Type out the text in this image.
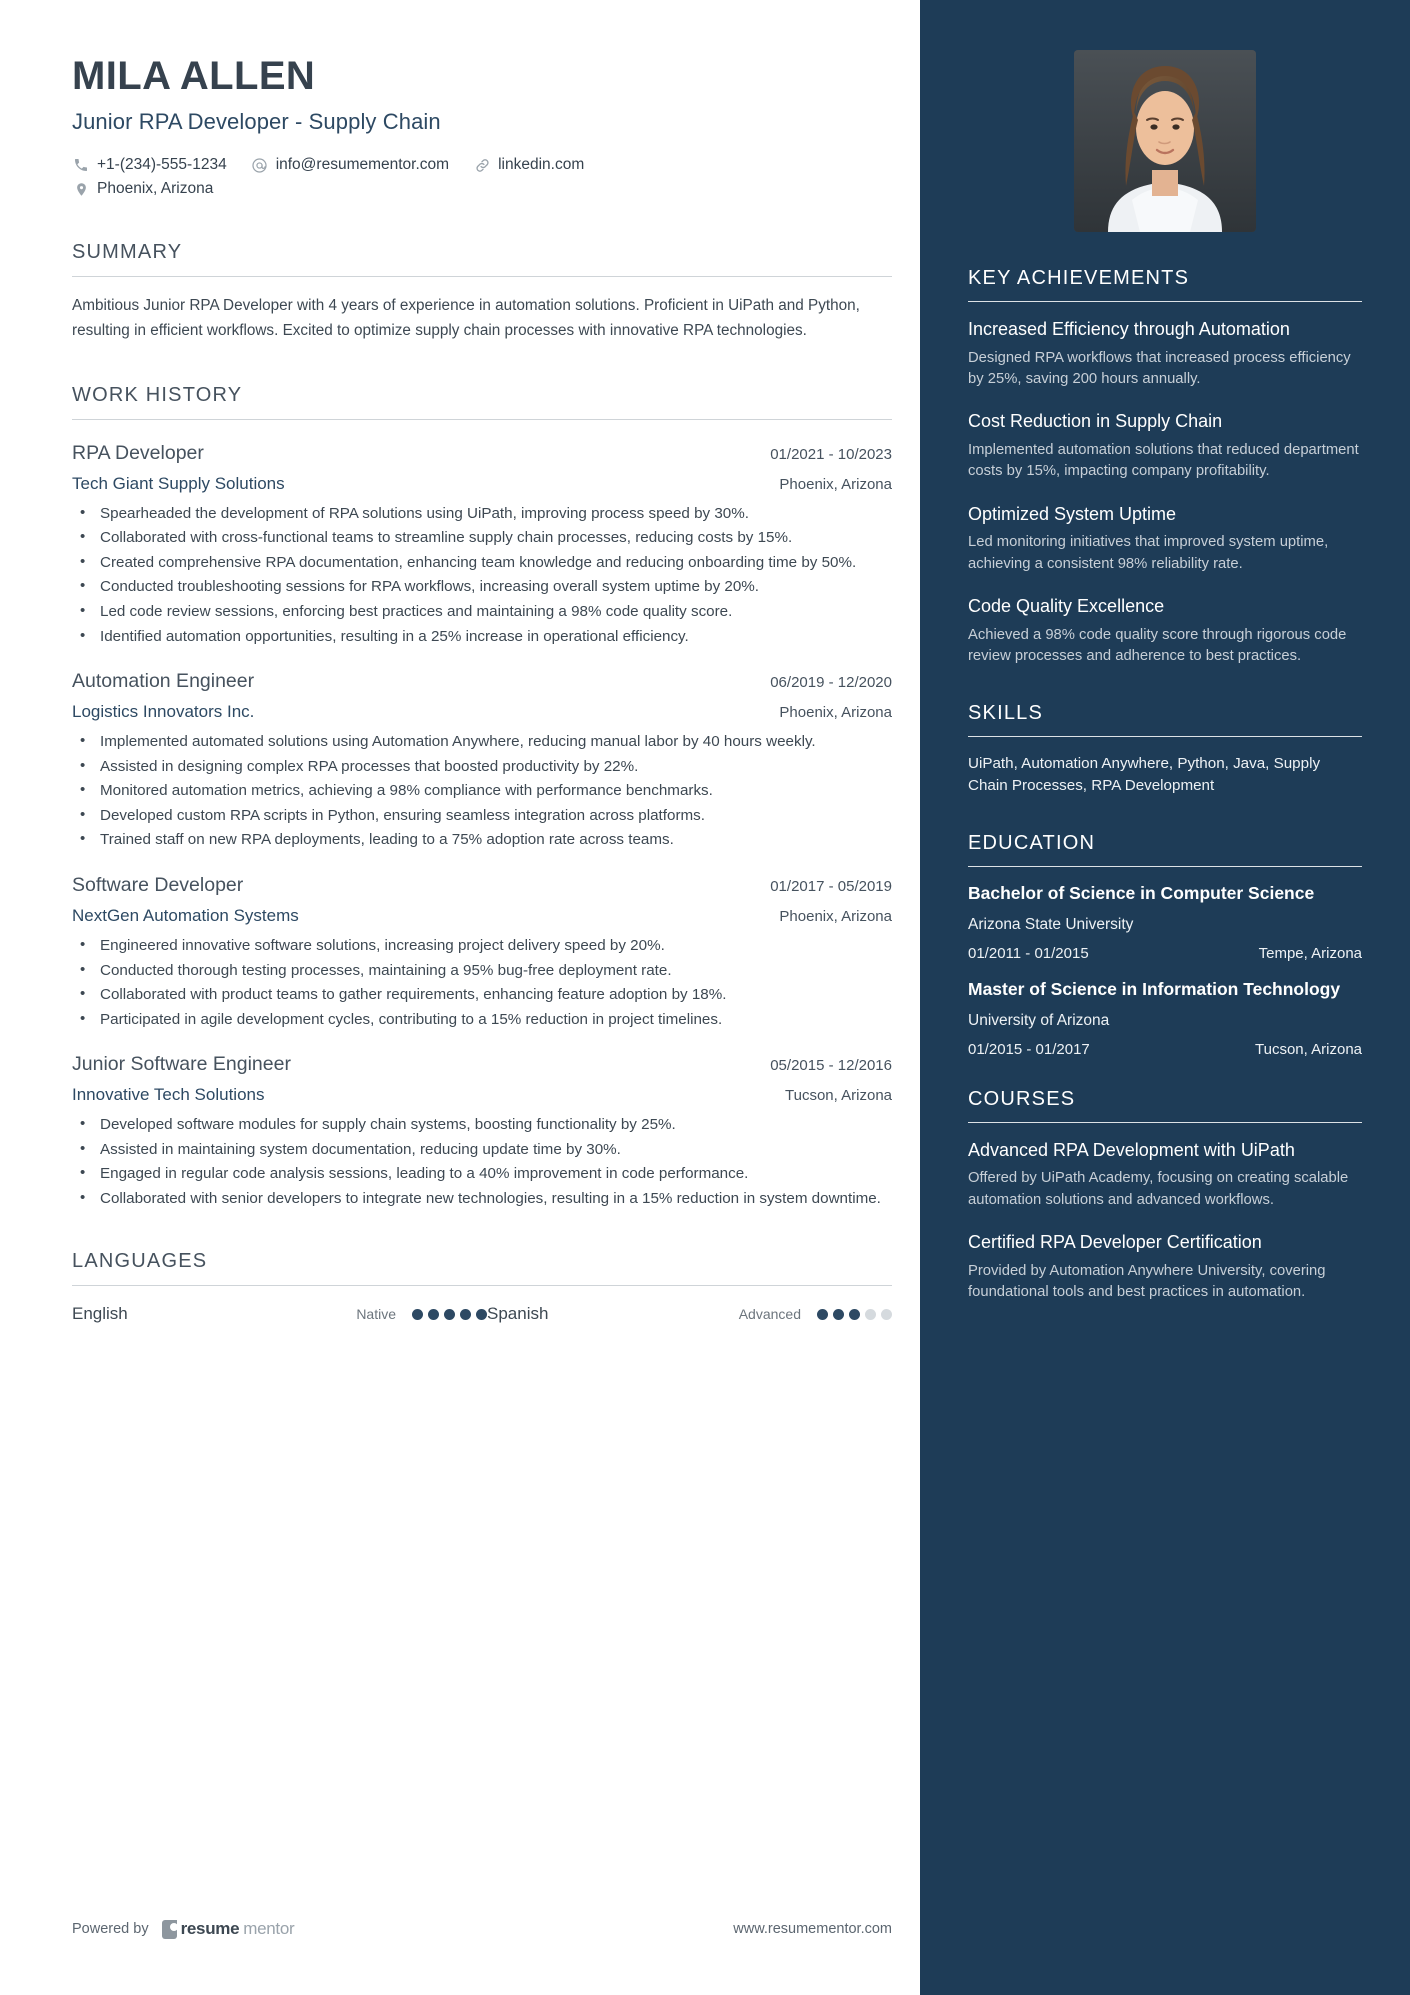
MILA ALLEN
Junior RPA Developer - Supply Chain
+1-(234)-555-1234	info@resumementor.com	linkedin.com
Phoenix, Arizona
SUMMARY
Ambitious Junior RPA Developer with 4 years of experience in automation solutions. Proficient in UiPath and Python, resulting in efficient workflows. Excited to optimize supply chain processes with innovative RPA technologies.
WORK HISTORY
RPA Developer	01/2021 - 10/2023
Tech Giant Supply Solutions	Phoenix, Arizona
• Spearheaded the development of RPA solutions using UiPath, improving process speed by 30%.
• Collaborated with cross-functional teams to streamline supply chain processes, reducing costs by 15%.
• Created comprehensive RPA documentation, enhancing team knowledge and reducing onboarding time by 50%.
• Conducted troubleshooting sessions for RPA workflows, increasing overall system uptime by 20%.
• Led code review sessions, enforcing best practices and maintaining a 98% code quality score.
• Identified automation opportunities, resulting in a 25% increase in operational efficiency.
Automation Engineer	06/2019 - 12/2020
Logistics Innovators Inc.	Phoenix, Arizona
• Implemented automated solutions using Automation Anywhere, reducing manual labor by 40 hours weekly.
• Assisted in designing complex RPA processes that boosted productivity by 22%.
• Monitored automation metrics, achieving a 98% compliance with performance benchmarks.
• Developed custom RPA scripts in Python, ensuring seamless integration across platforms.
• Trained staff on new RPA deployments, leading to a 75% adoption rate across teams.
Software Developer	01/2017 - 05/2019
NextGen Automation Systems	Phoenix, Arizona
• Engineered innovative software solutions, increasing project delivery speed by 20%.
• Conducted thorough testing processes, maintaining a 95% bug-free deployment rate.
• Collaborated with product teams to gather requirements, enhancing feature adoption by 18%.
• Participated in agile development cycles, contributing to a 15% reduction in project timelines.
Junior Software Engineer	05/2015 - 12/2016
Innovative Tech Solutions	Tucson, Arizona
• Developed software modules for supply chain systems, boosting functionality by 25%.
• Assisted in maintaining system documentation, reducing update time by 30%.
• Engaged in regular code analysis sessions, leading to a 40% improvement in code performance.
• Collaborated with senior developers to integrate new technologies, resulting in a 15% reduction in system downtime.
LANGUAGES
English	Native	Spanish	Advanced
Powered by resume mentor	www.resumementor.com
KEY ACHIEVEMENTS
Increased Efficiency through Automation
Designed RPA workflows that increased process efficiency by 25%, saving 200 hours annually.
Cost Reduction in Supply Chain
Implemented automation solutions that reduced department costs by 15%, impacting company profitability.
Optimized System Uptime
Led monitoring initiatives that improved system uptime, achieving a consistent 98% reliability rate.
Code Quality Excellence
Achieved a 98% code quality score through rigorous code review processes and adherence to best practices.
SKILLS
UiPath, Automation Anywhere, Python, Java, Supply Chain Processes, RPA Development
EDUCATION
Bachelor of Science in Computer Science
Arizona State University
01/2011 - 01/2015	Tempe, Arizona
Master of Science in Information Technology
University of Arizona
01/2015 - 01/2017	Tucson, Arizona
COURSES
Advanced RPA Development with UiPath
Offered by UiPath Academy, focusing on creating scalable automation solutions and advanced workflows.
Certified RPA Developer Certification
Provided by Automation Anywhere University, covering foundational tools and best practices in automation.
